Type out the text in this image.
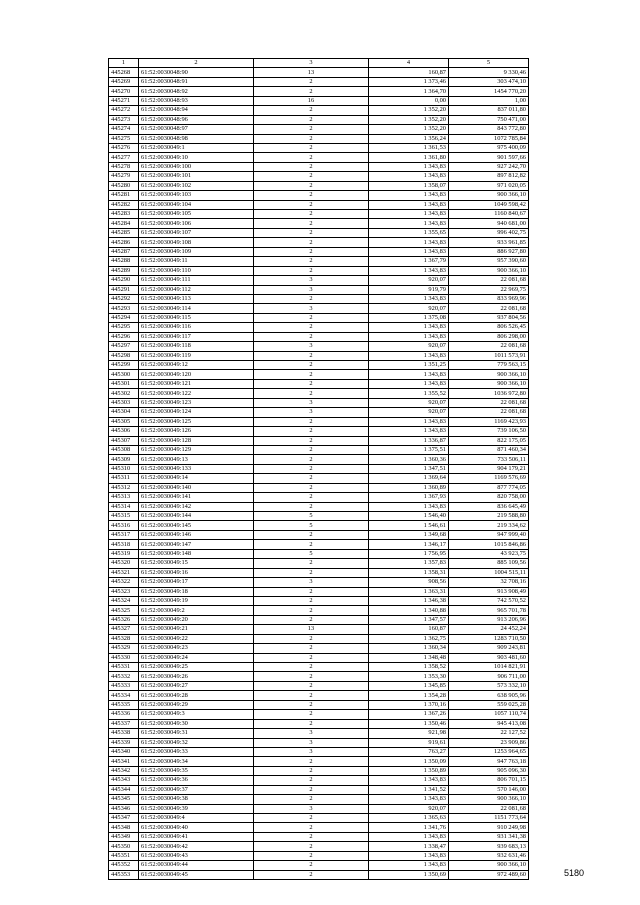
1	2	3	4	5
445268	61:52:0030048:90	13	160,87	9 330,46
445269	61:52:0030048:91	2	1 373,46	303 474,10
445270	61:52:0030048:92	2	1 364,70	1454 770,20
445271	61:52:0030048:93	16	0,00	1,00
445272	61:52:0030048:94	2	1 352,20	837 011,80
445273	61:52:0030048:96	2	1 352,20	750 471,00
445274	61:52:0030048:97	2	1 352,20	843 772,80
445275	61:52:0030048:98	2	1 356,24	1072 785,84
445276	61:52:0030049:1	2	1 361,53	975 400,09
445277	61:52:0030049:10	2	1 361,80	901 597,66
445278	61:52:0030049:100	2	1 343,83	927 242,70
445279	61:52:0030049:101	2	1 343,83	897 812,82
445280	61:52:0030049:102	2	1 358,07	971 020,05
445281	61:52:0030049:103	2	1 343,83	900 366,10
445282	61:52:0030049:104	2	1 343,83	1049 598,42
445283	61:52:0030049:105	2	1 343,83	1160 840,67
445284	61:52:0030049:106	2	1 343,83	940 681,00
445285	61:52:0030049:107	2	1 355,65	996 402,75
445286	61:52:0030049:108	2	1 343,83	933 961,85
445287	61:52:0030049:109	2	1 343,83	886 927,80
445288	61:52:0030049:11	2	1 367,79	957 390,60
445289	61:52:0030049:110	2	1 343,83	900 366,10
445290	61:52:0030049:111	3	920,07	22 081,68
445291	61:52:0030049:112	3	919,79	22 969,75
445292	61:52:0030049:113	2	1 343,83	833 969,96
445293	61:52:0030049:114	3	920,07	22 081,68
445294	61:52:0030049:115	2	1 375,08	937 804,56
445295	61:52:0030049:116	2	1 343,83	806 526,45
445296	61:52:0030049:117	2	1 343,83	806 298,00
445297	61:52:0030049:118	3	920,07	22 081,68
445298	61:52:0030049:119	2	1 343,83	1011 573,91
445299	61:52:0030049:12	2	1 351,25	779 563,15
445300	61:52:0030049:120	2	1 343,83	900 366,10
445301	61:52:0030049:121	2	1 343,83	900 366,10
445302	61:52:0030049:122	2	1 355,52	1036 972,80
445303	61:52:0030049:123	3	920,07	22 081,68
445304	61:52:0030049:124	3	920,07	22 081,68
445305	61:52:0030049:125	2	1 343,83	1169 423,93
445306	61:52:0030049:126	2	1 343,83	739 106,50
445307	61:52:0030049:128	2	1 336,87	822 175,05
445308	61:52:0030049:129	2	1 375,51	871 460,34
445309	61:52:0030049:13	2	1 360,36	733 506,11
445310	61:52:0030049:133	2	1 347,51	904 179,21
445311	61:52:0030049:14	2	1 369,64	1169 576,69
445312	61:52:0030049:140	2	1 360,89	877 774,05
445313	61:52:0030049:141	2	1 367,93	820 758,00
445314	61:52:0030049:142	2	1 343,83	836 645,49
445315	61:52:0030049:144	5	1 546,40	219 588,80
445316	61:52:0030049:145	5	1 546,61	219 334,62
445317	61:52:0030049:146	2	1 349,68	947 999,40
445318	61:52:0030049:147	2	1 346,17	1015 846,86
445319	61:52:0030049:148	5	1 756,95	43 923,75
445320	61:52:0030049:15	2	1 357,83	885 109,56
445321	61:52:0030049:16	2	1 358,31	1004 515,11
445322	61:52:0030049:17	3	908,56	32 708,16
445323	61:52:0030049:18	2	1 363,31	913 908,49
445324	61:52:0030049:19	2	1 346,38	742 570,52
445325	61:52:0030049:2	2	1 340,88	965 701,78
445326	61:52:0030049:20	2	1 347,57	913 206,96
445327	61:52:0030049:21	13	160,87	24 452,24
445328	61:52:0030049:22	2	1 362,75	1283 710,50
445329	61:52:0030049:23	2	1 360,34	909 243,81
445330	61:52:0030049:24	2	1 348,48	903 481,60
445331	61:52:0030049:25	2	1 358,52	1014 821,91
445332	61:52:0030049:26	2	1 353,30	906 711,00
445333	61:52:0030049:27	2	1 345,85	573 332,10
445334	61:52:0030049:28	2	1 354,28	638 905,96
445335	61:52:0030049:29	2	1 370,16	559 025,28
445336	61:52:0030049:3	2	1 367,26	1057 110,74
445337	61:52:0030049:30	2	1 350,46	945 413,08
445338	61:52:0030049:31	3	921,98	22 127,52
445339	61:52:0030049:32	3	919,61	23 909,86
445340	61:52:0030049:33	3	763,27	1253 964,65
445341	61:52:0030049:34	2	1 350,09	947 763,18
445342	61:52:0030049:35	2	1 350,89	905 096,30
445343	61:52:0030049:36	2	1 343,83	806 701,15
445344	61:52:0030049:37	2	1 341,52	570 146,00
445345	61:52:0030049:38	2	1 343,83	900 366,10
445346	61:52:0030049:39	3	920,07	22 081,68
445347	61:52:0030049:4	2	1 365,63	1151 773,64
445348	61:52:0030049:40	2	1 341,76	910 249,98
445349	61:52:0030049:41	2	1 343,83	931 341,38
445350	61:52:0030049:42	2	1 338,47	939 683,13
445351	61:52:0030049:43	2	1 343,83	932 631,46
445352	61:52:0030049:44	2	1 343,83	900 366,10
445353	61:52:0030049:45	2	1 350,69	972 489,60	5180
